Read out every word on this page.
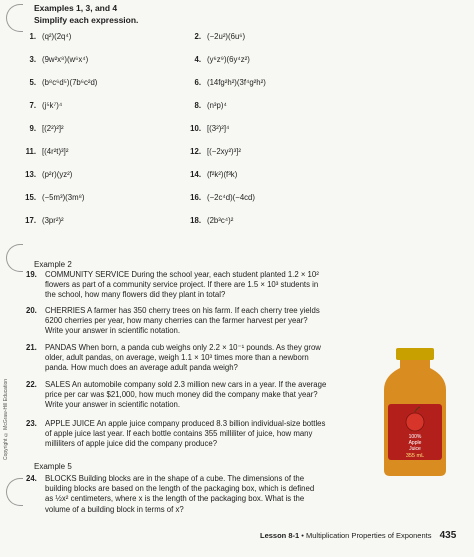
Examples 1, 3, and 4
Simplify each expression.
1. (q²)(2q⁴)	2. (−2u²)(6u⁶)
3. (9w²x⁸)(w⁶x⁴)	4. (y⁶z⁹)(6y⁴z²)
5. (b⁸c⁶d⁵)(7b⁶c²d)	6. (14fg²h²)(3f⁴g²h²)
7. (j⁵k⁷)⁴	8. (n³p)⁴
9. [(2²)²]²	10. [(3²)²]⁴
11. [(4r²t)³]²	12. [(−2xy²)³]²
13. (p²r)(yz²)	14. (f²k²)(f³k)
15. (−5m³)(3m⁸)	16. (−2c⁴d)(−4cd)
17. (3pr²)²	18. (2b³c⁴)²
Example 2
19. COMMUNITY SERVICE During the school year, each student planted 1.2 × 10²
flowers as part of a community service project. If there are 1.5 × 10³ students in
the school, how many flowers did they plant in total?
20. CHERRIES A farmer has 350 cherry trees on his farm. If each cherry tree yields
6200 cherries per year, how many cherries can the farmer harvest per year?
Write your answer in scientific notation.
21. PANDAS When born, a panda cub weighs only 2.2 × 10⁻¹ pounds. As they grow
older, adult pandas, on average, weigh 1.1 × 10³ times more than a newborn
panda. How much does an average adult panda weigh?
22. SALES An automobile company sold 2.3 million new cars in a year. If the average
price per car was $21,000, how much money did the company make that year?
Write your answer in scientific notation.
23. APPLE JUICE An apple juice company produced 8.3 billion individual-size bottles
of apple juice last year. If each bottle contains 355 milliliter of juice, how many
milliliters of apple juice did the company produce?
24. BLOCKS Building blocks are in the shape of a cube. The dimensions of the
building blocks are based on the length of the packaging box, which is defined
as ½x² centimeters, where x is the length of the packaging box. What is the
volume of a building block in terms of x?
Example 5
Copyright © McGraw-Hill Education	100%
Apple
Juice
355 mL
Lesson 8-1 • Multiplication Properties of Exponents 435
